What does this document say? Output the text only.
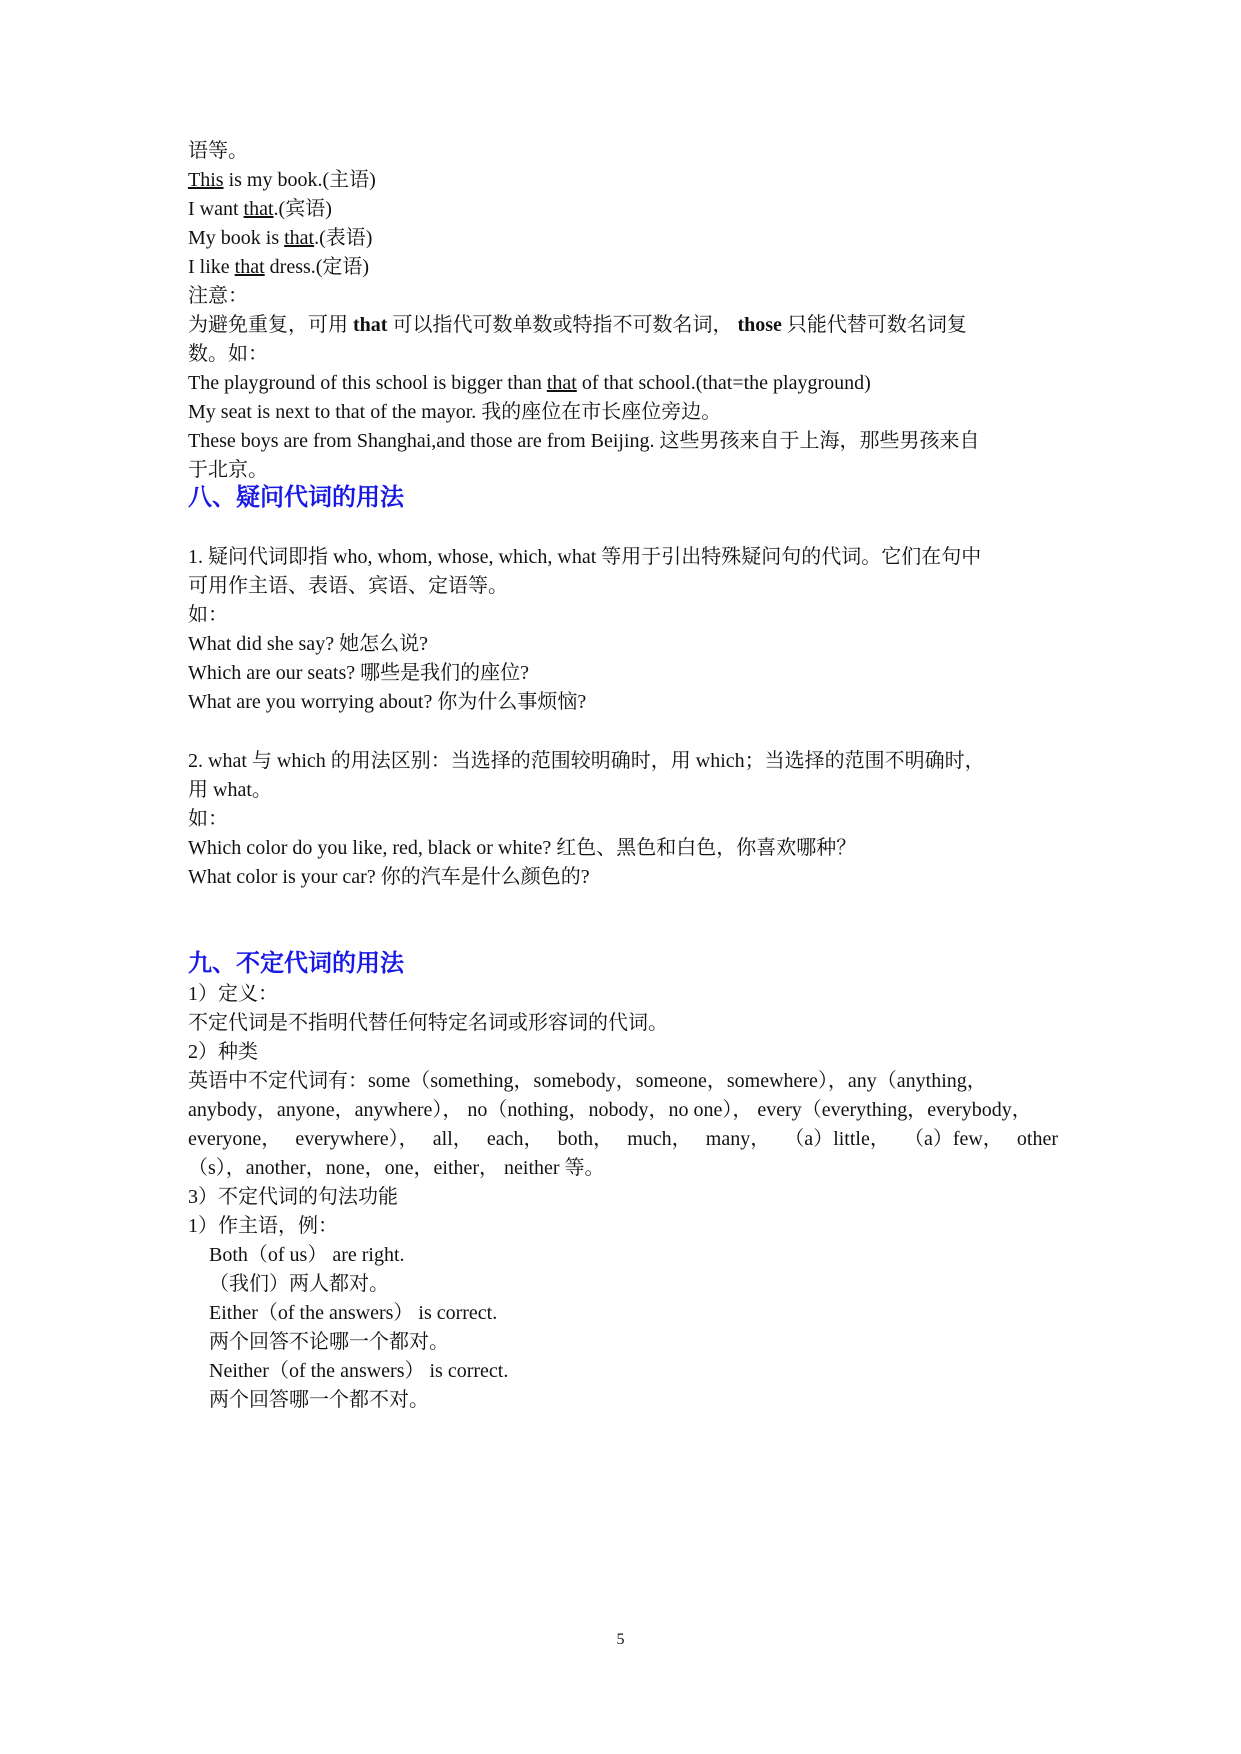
语等。
This is my book.(主语)
I want that.(宾语)
My book is that.(表语)
I like that dress.(定语)
注意：
为避免重复，可用 that 可以指代可数单数或特指不可数名词， those 只能代替可数名词复
数。如：
The playground of this school is bigger than that of that school.(that=the playground)
My seat is next to that of the mayor. 我的座位在市长座位旁边。
These boys are from Shanghai,and those are from Beijing. 这些男孩来自于上海，那些男孩来自
于北京。
八、疑问代词的用法
1. 疑问代词即指 who, whom, whose, which, what 等用于引出特殊疑问句的代词。它们在句中
可用作主语、表语、宾语、定语等。
如：
What did she say? 她怎么说?
Which are our seats? 哪些是我们的座位?
What are you worrying about? 你为什么事烦恼?
2. what 与 which 的用法区别：当选择的范围较明确时，用 which；当选择的范围不明确时，
用 what。
如：
Which color do you like, red, black or white? 红色、黑色和白色，你喜欢哪种？
What color is your car? 你的汽车是什么颜色的?
九、不定代词的用法
1）定义：
不定代词是不指明代替任何特定名词或形容词的代词。
2）种类
英语中不定代词有：some（something，somebody，someone，somewhere），any（anything，
anybody，anyone，anywhere）， no（nothing，nobody，no one）， every（everything，everybody，
everyone， everywhere）， all， each， both， much， many， （a）little， （a）few， other
（s），another，none，one，either， neither 等。
3）不定代词的句法功能
1）作主语，例：
Both（of us） are right.
（我们）两人都对。
Either（of the answers） is correct.
两个回答不论哪一个都对。
Neither（of the answers） is correct.
两个回答哪一个都不对。
5
